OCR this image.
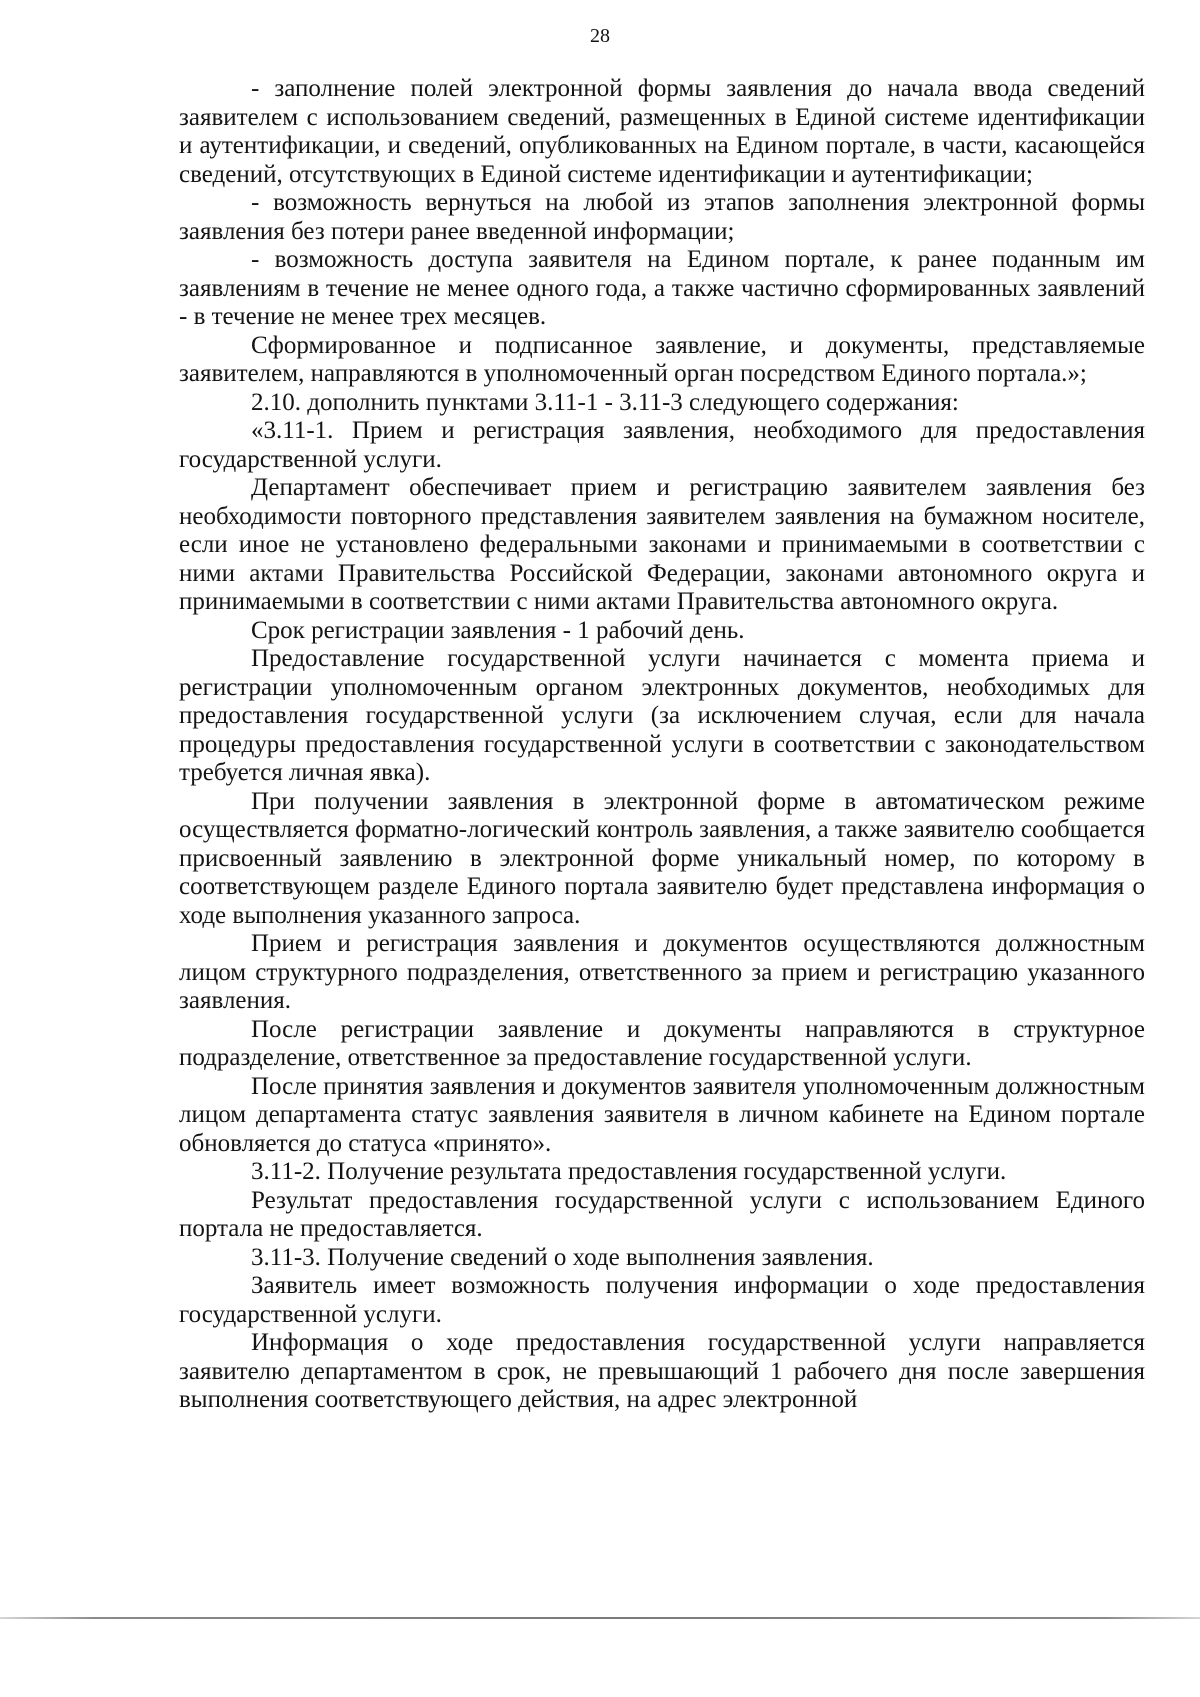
28

- заполнение полей электронной формы заявления до начала ввода сведений заявителем с использованием сведений, размещенных в Единой системе идентификации и аутентификации, и сведений, опубликованных на Едином портале, в части, касающейся сведений, отсутствующих в Единой системе идентификации и аутентификации;

- возможность вернуться на любой из этапов заполнения электронной формы заявления без потери ранее введенной информации;

- возможность доступа заявителя на Едином портале, к ранее поданным им заявлениям в течение не менее одного года, а также частично сформированных заявлений - в течение не менее трех месяцев.

Сформированное и подписанное заявление, и документы, представляемые заявителем, направляются в уполномоченный орган посредством Единого портала.»;

2.10. дополнить пунктами 3.11-1 - 3.11-3 следующего содержания:

«3.11-1. Прием и регистрация заявления, необходимого для предоставления государственной услуги.

Департамент обеспечивает прием и регистрацию заявителем заявления без необходимости повторного представления заявителем заявления на бумажном носителе, если иное не установлено федеральными законами и принимаемыми в соответствии с ними актами Правительства Российской Федерации, законами автономного округа и принимаемыми в соответствии с ними актами Правительства автономного округа.

Срок регистрации заявления - 1 рабочий день.

Предоставление государственной услуги начинается с момента приема и регистрации уполномоченным органом электронных документов, необходимых для предоставления государственной услуги (за исключением случая, если для начала процедуры предоставления государственной услуги в соответствии с законодательством требуется личная явка).

При получении заявления в электронной форме в автоматическом режиме осуществляется форматно-логический контроль заявления, а также заявителю сообщается присвоенный заявлению в электронной форме уникальный номер, по которому в соответствующем разделе Единого портала заявителю будет представлена информация о ходе выполнения указанного запроса.

Прием и регистрация заявления и документов осуществляются должностным лицом структурного подразделения, ответственного за прием и регистрацию указанного заявления.

После регистрации заявление и документы направляются в структурное подразделение, ответственное за предоставление государственной услуги.

После принятия заявления и документов заявителя уполномоченным должностным лицом департамента статус заявления заявителя в личном кабинете на Едином портале обновляется до статуса «принято».

3.11-2. Получение результата предоставления государственной услуги.

Результат предоставления государственной услуги с использованием Единого портала не предоставляется.

3.11-3. Получение сведений о ходе выполнения заявления.

Заявитель имеет возможность получения информации о ходе предоставления государственной услуги.

Информация о ходе предоставления государственной услуги направляется заявителю департаментом в срок, не превышающий 1 рабочего дня после завершения выполнения соответствующего действия, на адрес электронной
